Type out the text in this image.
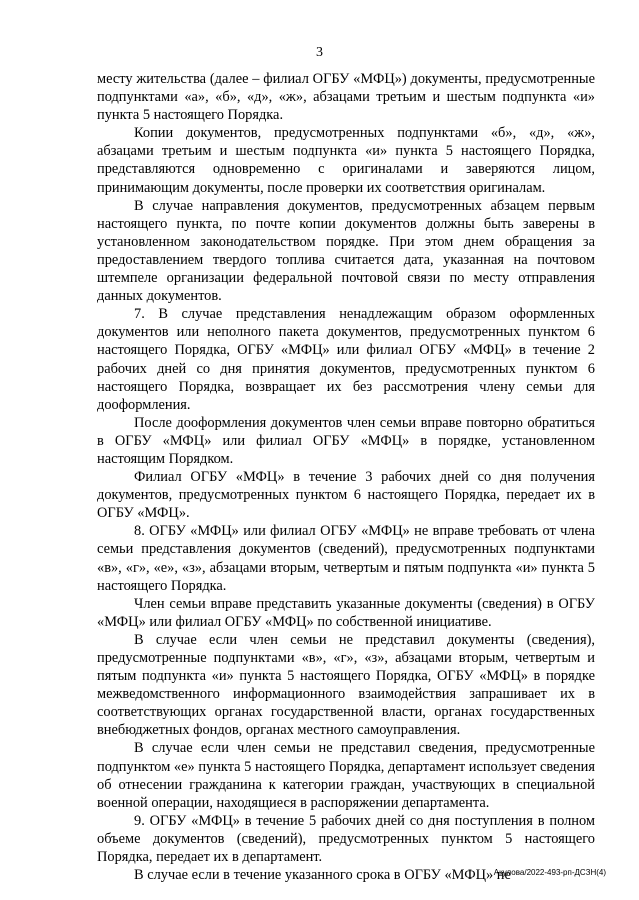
3

месту жительства (далее – филиал ОГБУ «МФЦ») документы, предусмотренные подпунктами «а», «б», «д», «ж», абзацами третьим и шестым подпункта «и» пункта 5 настоящего Порядка.

Копии документов, предусмотренных подпунктами «б», «д», «ж», абзацами третьим и шестым подпункта «и» пункта 5 настоящего Порядка, представляются одновременно с оригиналами и заверяются лицом, принимающим документы, после проверки их соответствия оригиналам.

В случае направления документов, предусмотренных абзацем первым настоящего пункта, по почте копии документов должны быть заверены в установленном законодательством порядке. При этом днем обращения за предоставлением твердого топлива считается дата, указанная на почтовом штемпеле организации федеральной почтовой связи по месту отправления данных документов.

7. В случае представления ненадлежащим образом оформленных документов или неполного пакета документов, предусмотренных пунктом 6 настоящего Порядка, ОГБУ «МФЦ» или филиал ОГБУ «МФЦ» в течение 2 рабочих дней со дня принятия документов, предусмотренных пунктом 6 настоящего Порядка, возвращает их без рассмотрения члену семьи для дооформления.

После дооформления документов член семьи вправе повторно обратиться в ОГБУ «МФЦ» или филиал ОГБУ «МФЦ» в порядке, установленном настоящим Порядком.

Филиал ОГБУ «МФЦ» в течение 3 рабочих дней со дня получения документов, предусмотренных пунктом 6 настоящего Порядка, передает их в ОГБУ «МФЦ».

8. ОГБУ «МФЦ» или филиал ОГБУ «МФЦ» не вправе требовать от члена семьи представления документов (сведений), предусмотренных подпунктами «в», «г», «е», «з», абзацами вторым, четвертым и пятым подпункта «и» пункта 5 настоящего Порядка.

Член семьи вправе представить указанные документы (сведения) в ОГБУ «МФЦ» или филиал ОГБУ «МФЦ» по собственной инициативе.

В случае если член семьи не представил документы (сведения), предусмотренные подпунктами «в», «г», «з», абзацами вторым, четвертым и пятым подпункта «и» пункта 5 настоящего Порядка, ОГБУ «МФЦ» в порядке межведомственного информационного взаимодействия запрашивает их в соответствующих органах государственной власти, органах государственных внебюджетных фондов, органах местного самоуправления.

В случае если член семьи не представил сведения, предусмотренные подпунктом «е» пункта 5 настоящего Порядка, департамент использует сведения об отнесении гражданина к категории граждан, участвующих в специальной военной операции, находящиеся в распоряжении департамента.

9. ОГБУ «МФЦ» в течение 5 рабочих дней со дня поступления в полном объеме документов (сведений), предусмотренных пунктом 5 настоящего Порядка, передает их в департамент.

В случае если в течение указанного срока в ОГБУ «МФЦ» не

Акулова/2022-493-рп-ДСЗН(4)
